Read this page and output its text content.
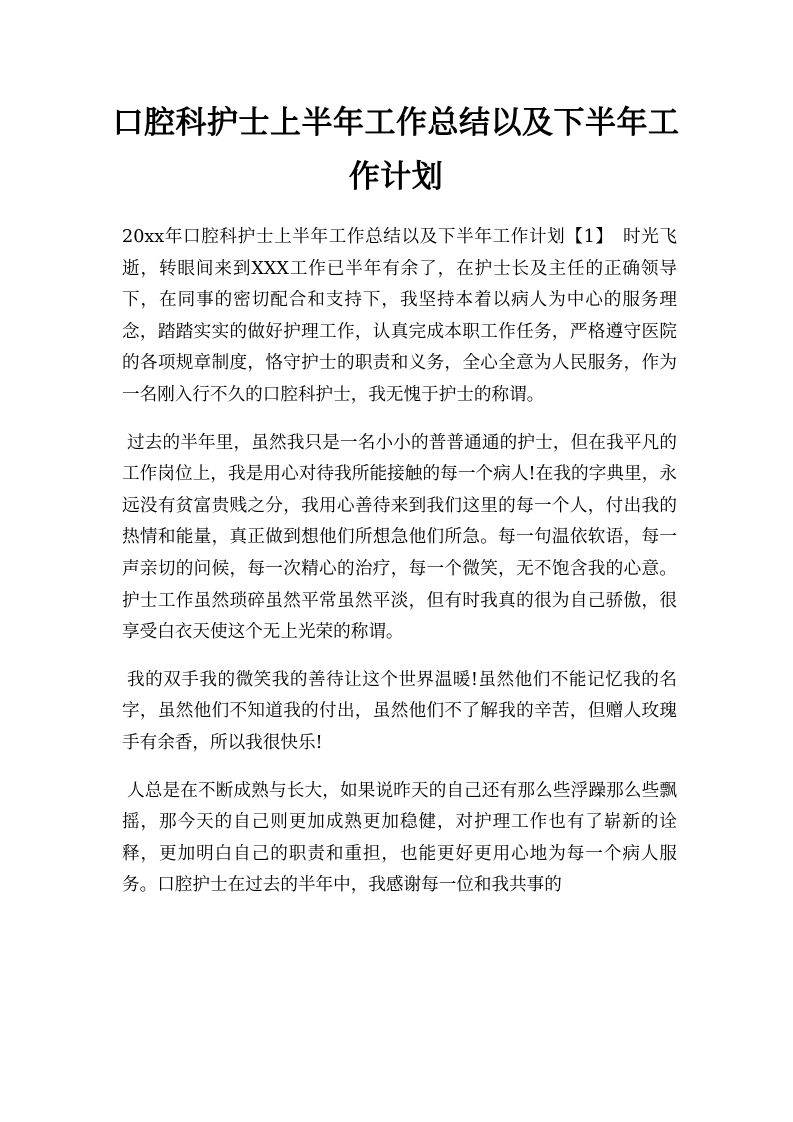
口腔科护士上半年工作总结以及下半年工作计划

20xx年口腔科护士上半年工作总结以及下半年工作计划【1】　时光飞逝，转眼间来到XXX工作已半年有余了，在护士长及主任的正确领导下，在同事的密切配合和支持下，我坚持本着以病人为中心的服务理念，踏踏实实的做好护理工作，认真完成本职工作任务，严格遵守医院的各项规章制度，恪守护士的职责和义务，全心全意为人民服务，作为一名刚入行不久的口腔科护士，我无愧于护士的称谓。

过去的半年里，虽然我只是一名小小的普普通通的护士，但在我平凡的工作岗位上，我是用心对待我所能接触的每一个病人!在我的字典里，永远没有贫富贵贱之分，我用心善待来到我们这里的每一个人，付出我的热情和能量，真正做到想他们所想急他们所急。每一句温依软语，每一声亲切的问候，每一次精心的治疗，每一个微笑，无不饱含我的心意。护士工作虽然琐碎虽然平常虽然平淡，但有时我真的很为自己骄傲，很享受白衣天使这个无上光荣的称谓。

我的双手我的微笑我的善待让这个世界温暖!虽然他们不能记忆我的名字，虽然他们不知道我的付出，虽然他们不了解我的辛苦，但赠人玫瑰手有余香，所以我很快乐!

人总是在不断成熟与长大，如果说昨天的自己还有那么些浮躁那么些飘摇，那今天的自己则更加成熟更加稳健，对护理工作也有了崭新的诠释，更加明白自己的职责和重担，也能更好更用心地为每一个病人服务。口腔护士在过去的半年中，我感谢每一位和我共事的
